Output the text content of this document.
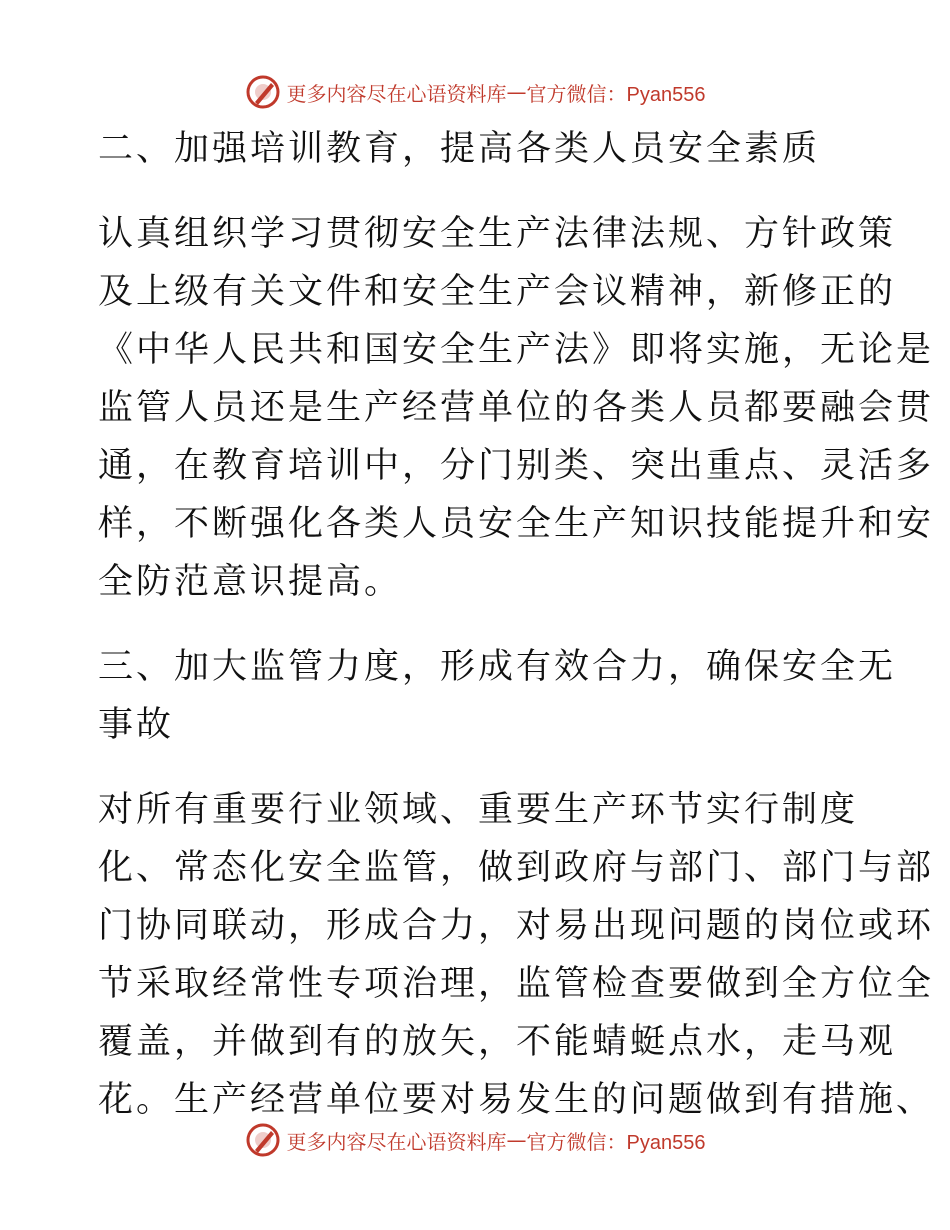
更多内容尽在心语资料库 — 官方微信：Pyan556
二、加强培训教育，提高各类人员安全素质
认真组织学习贯彻安全生产法律法规、方针政策
及上级有关文件和安全生产会议精神，新修正的
《中华人民共和国安全生产法》即将实施，无论是
监管人员还是生产经营单位的各类人员都要融会贯
通，在教育培训中，分门别类、突出重点、灵活多
样，不断强化各类人员安全生产知识技能提升和安
全防范意识提高。
三、加大监管力度，形成有效合力，确保安全无
事故
对所有重要行业领域、重要生产环节实行制度
化、常态化安全监管，做到政府与部门、部门与部
门协同联动，形成合力，对易出现问题的岗位或环
节采取经常性专项治理，监管检查要做到全方位全
覆盖，并做到有的放矢，不能蜻蜓点水，走马观
花。生产经营单位要对易发生的问题做到有措施、
更多内容尽在心语资料库 — 官方微信：Pyan556
